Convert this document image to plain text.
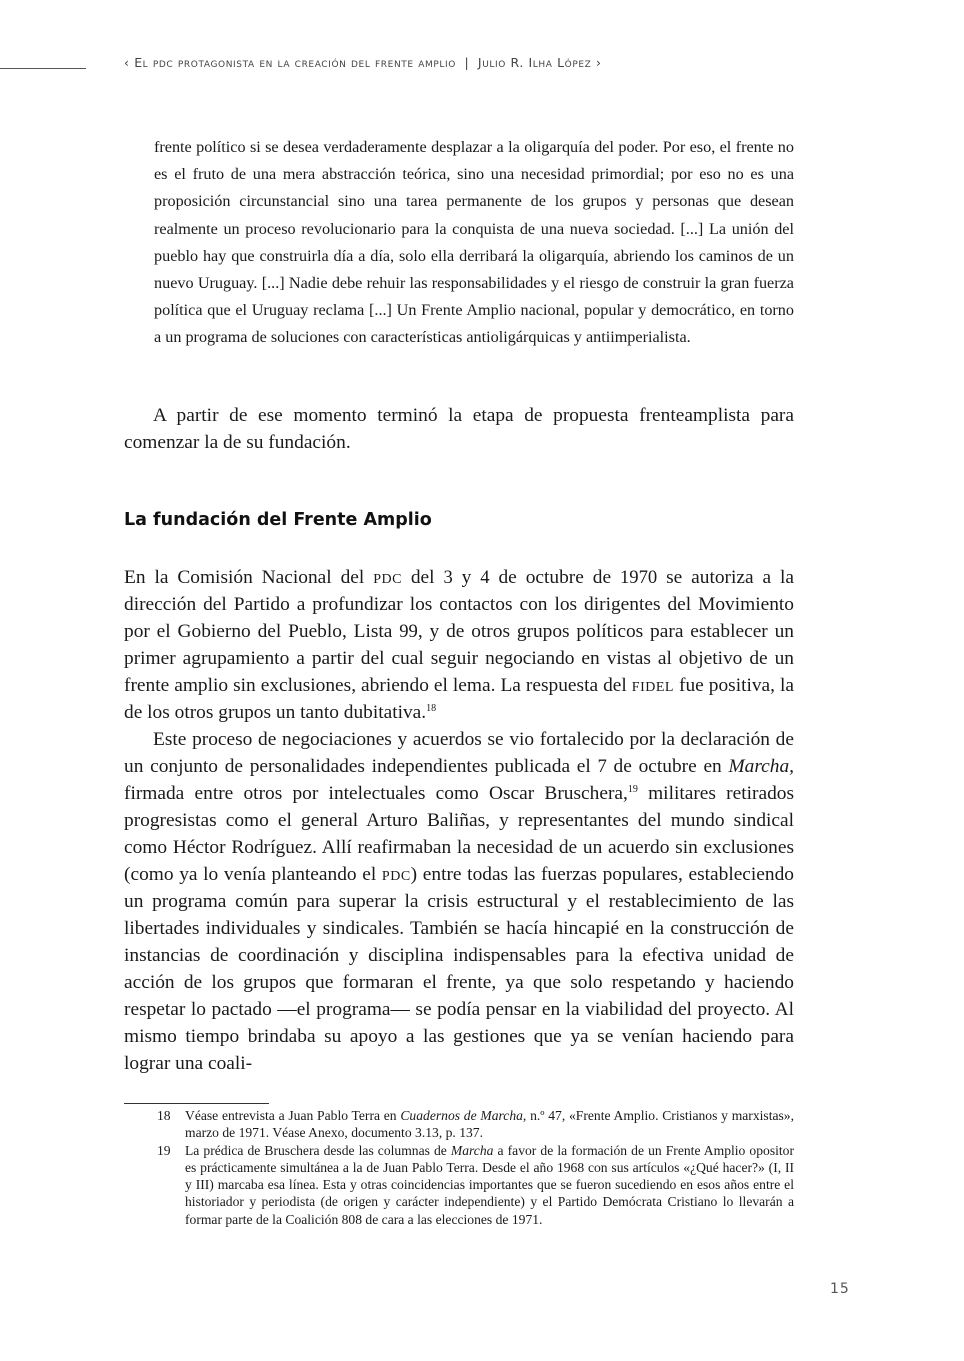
‹ El pdc protagonista en la creación del frente amplio | Julio R. Ilha López ›

frente político si se desea verdaderamente desplazar a la oligarquía del poder. Por eso, el frente no es el fruto de una mera abstracción teórica, sino una necesidad primordial; por eso no es una proposición circunstancial sino una tarea permanente de los grupos y personas que desean realmente un proceso revolucionario para la conquista de una nueva sociedad. [...] La unión del pueblo hay que construirla día a día, solo ella derribará la oligarquía, abriendo los caminos de un nuevo Uruguay. [...] Nadie debe rehuir las responsabilidades y el riesgo de construir la gran fuerza política que el Uruguay reclama [...] Un Frente Amplio nacional, popular y democrático, en torno a un programa de soluciones con características antioligárquicas y antiimperialista.

A partir de ese momento terminó la etapa de propuesta frenteamplista para comenzar la de su fundación.

La fundación del Frente Amplio

En la Comisión Nacional del pdc del 3 y 4 de octubre de 1970 se autoriza a la dirección del Partido a profundizar los contactos con los dirigentes del Movimiento por el Gobierno del Pueblo, Lista 99, y de otros grupos políticos para establecer un primer agrupamiento a partir del cual seguir negociando en vistas al objetivo de un frente amplio sin exclusiones, abriendo el lema. La respuesta del fidel fue positiva, la de los otros grupos un tanto dubitativa.$^{18}$

Este proceso de negociaciones y acuerdos se vio fortalecido por la declaración de un conjunto de personalidades independientes publicada el 7 de octubre en Marcha, firmada entre otros por intelectuales como Oscar Bruschera,$^{19}$ militares retirados progresistas como el general Arturo Baliñas, y representantes del mundo sindical como Héctor Rodríguez. Allí reafirmaban la necesidad de un acuerdo sin exclusiones (como ya lo venía planteando el pdc) entre todas las fuerzas populares, estableciendo un programa común para superar la crisis estructural y el restablecimiento de las libertades individuales y sindicales. También se hacía hincapié en la construcción de instancias de coordinación y disciplina indispensables para la efectiva unidad de acción de los grupos que formaran el frente, ya que solo respetando y haciendo respetar lo pactado —el programa— se podía pensar en la viabilidad del proyecto. Al mismo tiempo brindaba su apoyo a las gestiones que ya se venían haciendo para lograr una coali-

18	Véase entrevista a Juan Pablo Terra en Cuadernos de Marcha, n.º 47, «Frente Amplio. Cristianos y marxistas», marzo de 1971. Véase Anexo, documento 3.13, p. 137.

19	La prédica de Bruschera desde las columnas de Marcha a favor de la formación de un Frente Amplio opositor es prácticamente simultánea a la de Juan Pablo Terra. Desde el año 1968 con sus artículos «¿Qué hacer?» (I, II y III) marcaba esa línea. Esta y otras coincidencias importantes que se fueron sucediendo en esos años entre el historiador y periodista (de origen y carácter independiente) y el Partido Demócrata Cristiano lo llevarán a formar parte de la Coalición 808 de cara a las elecciones de 1971.

15
